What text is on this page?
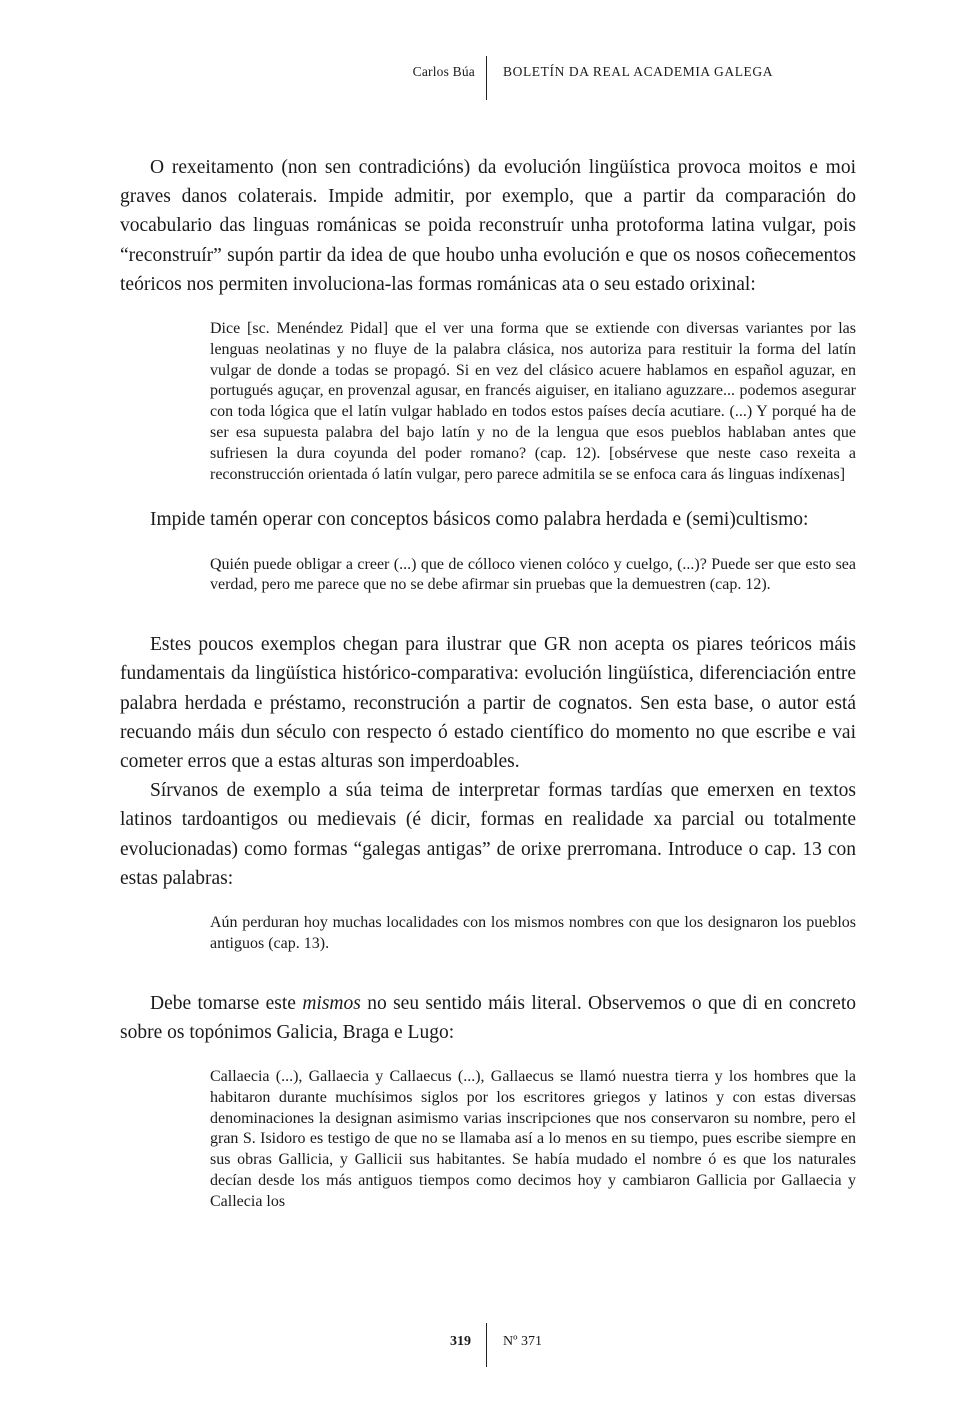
Carlos Búa BOLETÍN DA REAL ACADEMIA GALEGA

O rexeitamento (non sen contradicións) da evolución lingüística provoca moitos e moi graves danos colaterais. Impide admitir, por exemplo, que a partir da comparación do vocabulario das linguas románicas se poida reconstruír unha protoforma latina vulgar, pois “reconstruír” supón partir da idea de que houbo unha evolución e que os nosos coñecementos teóricos nos permiten involuciona-las formas románicas ata o seu estado orixinal:

Dice [sc. Menéndez Pidal] que el ver una forma que se extiende con diversas variantes por las lenguas neolatinas y no fluye de la palabra clásica, nos autoriza para restituir la forma del latín vulgar de donde a todas se propagó. Si en vez del clásico acuere hablamos en español aguzar, en portugués aguçar, en provenzal agusar, en francés aiguiser, en italiano aguzzare... podemos asegurar con toda lógica que el latín vulgar hablado en todos estos países decía acutiare. (...) Y porqué ha de ser esa supuesta palabra del bajo latín y no de la lengua que esos pueblos hablaban antes que sufriesen la dura coyunda del poder romano? (cap. 12). [obsérvese que neste caso rexeita a reconstrucción orientada ó latín vulgar, pero parece admitila se se enfoca cara ás linguas indíxenas]

Impide tamén operar con conceptos básicos como palabra herdada e (semi)cultismo:

Quién puede obligar a creer (...) que de cólloco vienen colóco y cuelgo, (...)? Puede ser que esto sea verdad, pero me parece que no se debe afirmar sin pruebas que la demuestren (cap. 12).

Estes poucos exemplos chegan para ilustrar que GR non acepta os piares teóricos máis fundamentais da lingüística histórico-comparativa: evolución lingüística, diferenciación entre palabra herdada e préstamo, reconstrución a partir de cognatos. Sen esta base, o autor está recuando máis dun século con respecto ó estado científico do momento no que escribe e vai cometer erros que a estas alturas son imperdoables.

Sírvanos de exemplo a súa teima de interpretar formas tardías que emerxen en textos latinos tardoantigos ou medievais (é dicir, formas en realidade xa parcial ou totalmente evolucionadas) como formas “galegas antigas” de orixe prerromana. Introduce o cap. 13 con estas palabras:

Aún perduran hoy muchas localidades con los mismos nombres con que los designaron los pueblos antiguos (cap. 13).

Debe tomarse este mismos no seu sentido máis literal. Observemos o que di en concreto sobre os topónimos Galicia, Braga e Lugo:

Callaecia (...), Gallaecia y Callaecus (...), Gallaecus se llamó nuestra tierra y los hombres que la habitaron durante muchísimos siglos por los escritores griegos y latinos y con estas diversas denominaciones la designan asimismo varias inscripciones que nos conservaron su nombre, pero el gran S. Isidoro es testigo de que no se llamaba así a lo menos en su tiempo, pues escribe siempre en sus obras Gallicia, y Gallicii sus habitantes. Se había mudado el nombre ó es que los naturales decían desde los más antiguos tiempos como decimos hoy y cambiaron Gallicia por Gallaecia y Callecia los
319 Nº 371
